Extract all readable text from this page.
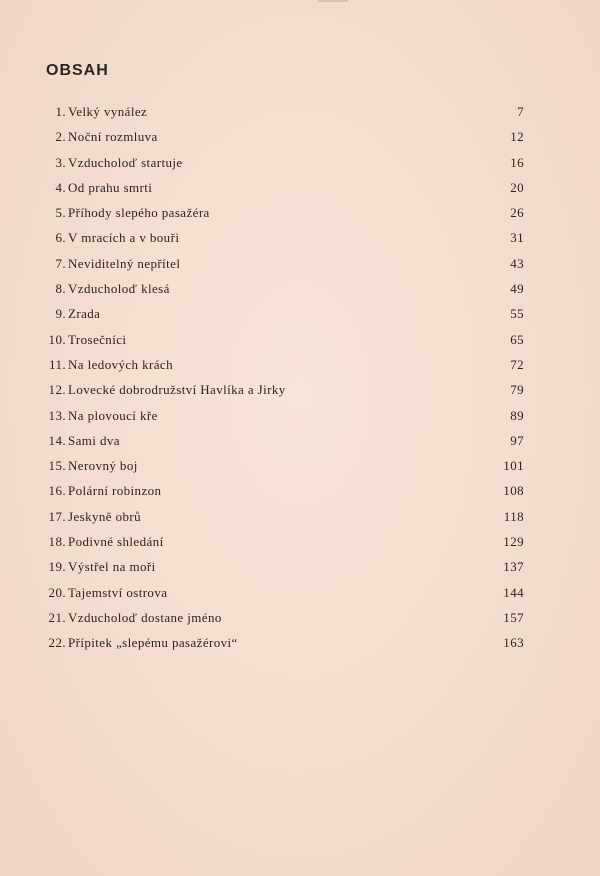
OBSAH
1. Velký vynález	7
2. Noční rozmluva	12
3. Vzducholoď startuje	16
4. Od prahu smrti	20
5. Příhody slepého pasažéra	26
6. V mracích a v bouři	31
7. Neviditelný nepřítel	43
8. Vzducholoď klesá	49
9. Zrada	55
10. Trosečníci	65
11. Na ledových krách	72
12. Lovecké dobrodružství Havlíka a Jirky	79
13. Na plovoucí kře	89
14. Sami dva	97
15. Nerovný boj	101
16. Polární robinzon	108
17. Jeskyně obrů	118
18. Podivné shledání	129
19. Výstřel na moři	137
20. Tajemství ostrova	144
21. Vzducholoď dostane jméno	157
22. Přípitek „slepému pasažérovi“	163
